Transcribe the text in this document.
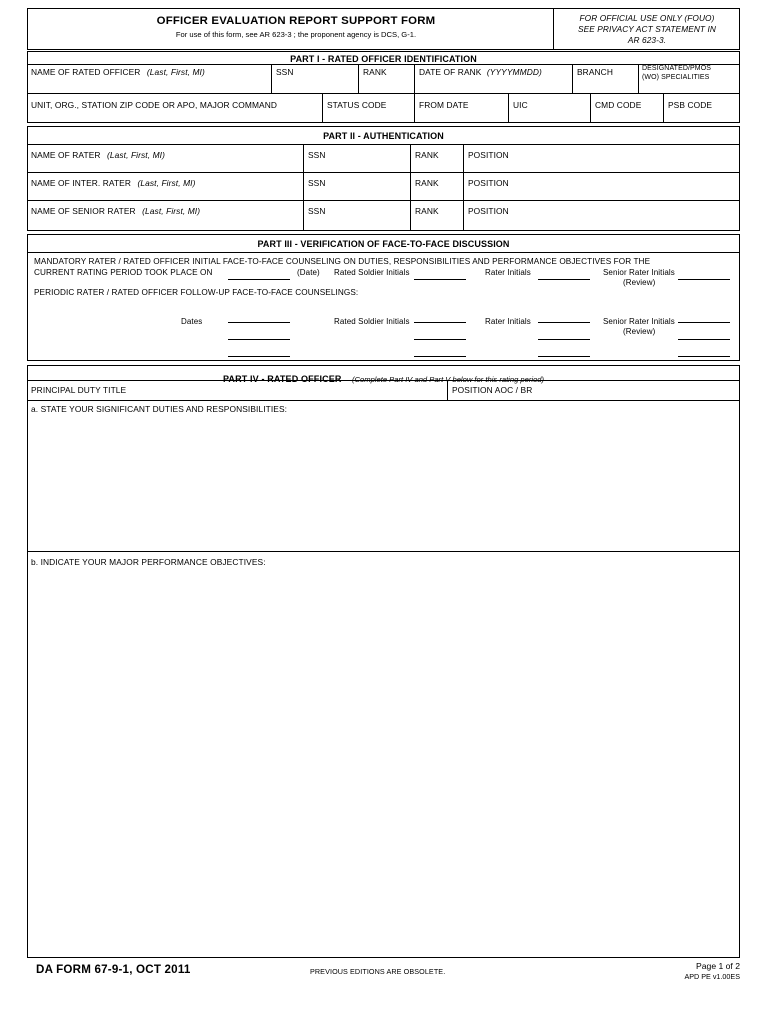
OFFICER EVALUATION REPORT SUPPORT FORM
For use of this form, see AR 623-3 ; the proponent agency is DCS, G-1.
FOR OFFICIAL USE ONLY (FOUO)
SEE PRIVACY ACT STATEMENT IN
AR 623-3.
PART I - RATED OFFICER IDENTIFICATION
NAME OF RATED OFFICER (Last, First, MI)	SSN	RANK	DATE OF RANK (YYYYMMDD)	BRANCH	DESIGNATED/PMOS
(WO) SPECIALITIES
UNIT, ORG., STATION ZIP CODE OR APO, MAJOR COMMAND	STATUS CODE	FROM DATE	UIC	CMD CODE	PSB CODE
PART II - AUTHENTICATION
NAME OF RATER (Last, First, MI)	SSN	RANK	POSITION
NAME OF INTER. RATER (Last, First, MI)	SSN	RANK	POSITION
NAME OF SENIOR RATER (Last, First, MI)	SSN	RANK	POSITION
PART III - VERIFICATION OF FACE-TO-FACE DISCUSSION
MANDATORY RATER / RATED OFFICER INITIAL FACE-TO-FACE COUNSELING ON DUTIES, RESPONSIBILITIES AND PERFORMANCE OBJECTIVES FOR THE
CURRENT RATING PERIOD TOOK PLACE ON	(Date) Rated Soldier Initials	Rater Initials	Senior Rater Initials
(Review)
PERIODIC RATER / RATED OFFICER FOLLOW-UP FACE-TO-FACE COUNSELINGS:
Dates	Rated Soldier Initials	Rater Initials	Senior Rater Initials
(Review)
PART IV - RATED OFFICER (Complete Part IV and Part V below for this rating period)
PRINCIPAL DUTY TITLE	POSITION AOC / BR
a. STATE YOUR SIGNIFICANT DUTIES AND RESPONSIBILITIES:
b. INDICATE YOUR MAJOR PERFORMANCE OBJECTIVES:
DA FORM 67-9-1, OCT 2011	PREVIOUS EDITIONS ARE OBSOLETE.
Page 1 of 2
APD PE v1.00ES
